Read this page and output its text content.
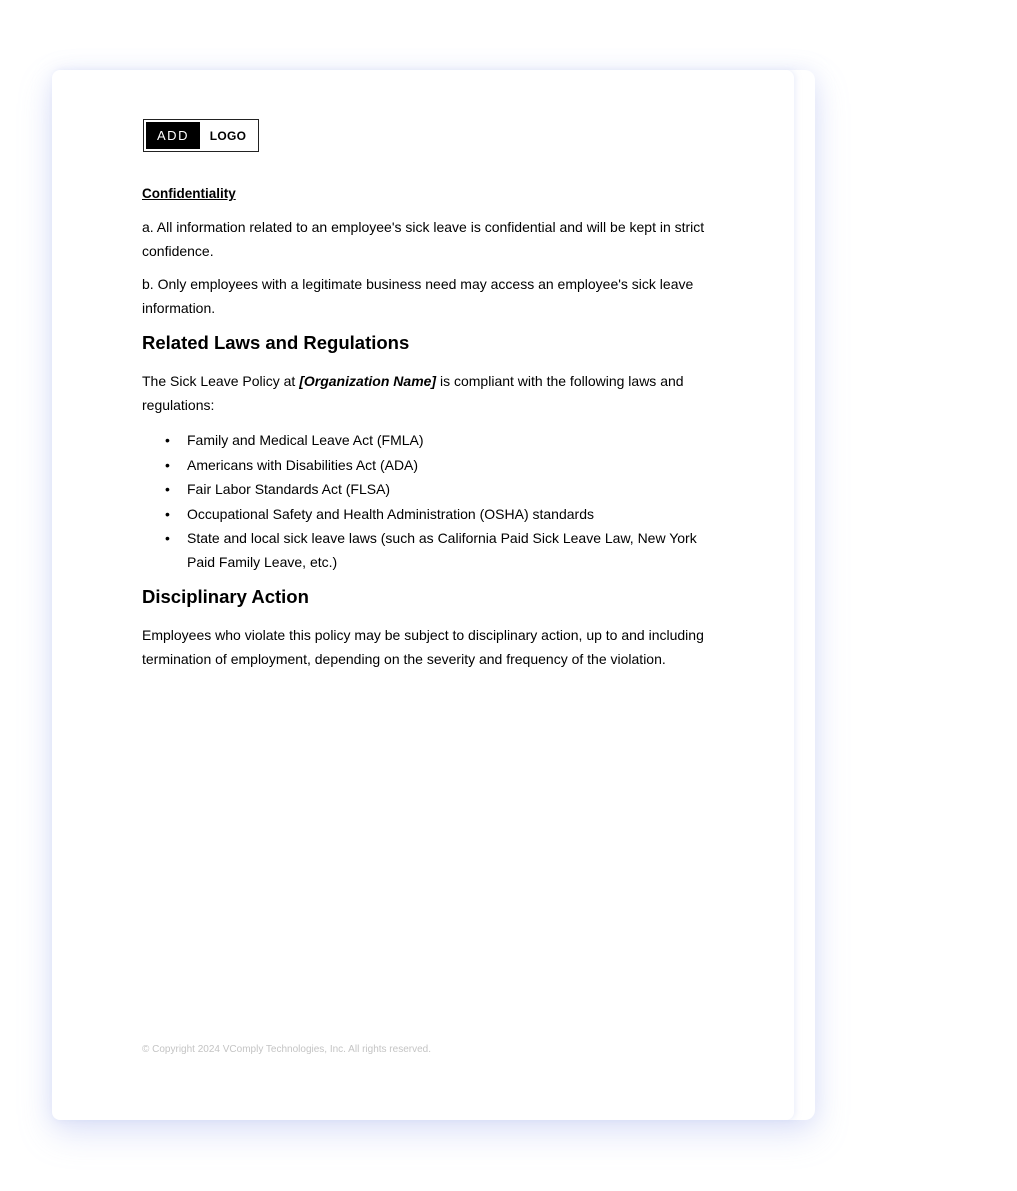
ADD	LOGO

Confidentiality

a. All information related to an employee's sick leave is confidential and will be kept in strict confidence.

b. Only employees with a legitimate business need may access an employee's sick leave information.

Related Laws and Regulations

The Sick Leave Policy at [Organization Name] is compliant with the following laws and regulations:

• Family and Medical Leave Act (FMLA)
• Americans with Disabilities Act (ADA)
• Fair Labor Standards Act (FLSA)
• Occupational Safety and Health Administration (OSHA) standards
• State and local sick leave laws (such as California Paid Sick Leave Law, New York Paid Family Leave, etc.)
Disciplinary Action

Employees who violate this policy may be subject to disciplinary action, up to and including termination of employment, depending on the severity and frequency of the violation.

© Copyright 2024 VComply Technologies, Inc. All rights reserved.
